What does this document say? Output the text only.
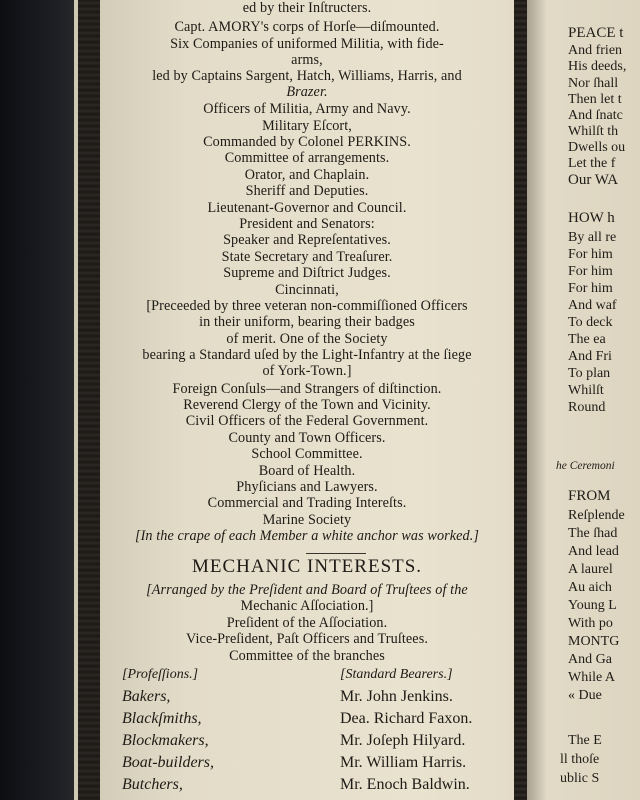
ed by their Inſtructers.
Capt. AMORY's corps of Horſe—diſmounted.
Six Companies of uniformed Militia, with fide-
arms,
led by Captains Sargent, Hatch, Williams, Harris, and
Brazer.
Officers of Militia, Army and Navy.
Military Eſcort,
Commanded by Colonel PERKINS.
Committee of arrangements.
Orator, and Chaplain.
Sheriff and Deputies.
Lieutenant-Governor and Council.
President and Senators:
Speaker and Repreſentatives.
State Secretary and Treaſurer.
Supreme and Diſtrict Judges.
Cincinnati,
[Preceeded by three veteran non-commiſſioned Officers
in their uniform, bearing their badges
of merit. One of the Society
bearing a Standard uſed by the Light-Infantry at the ſiege
of York-Town.]
Foreign Conſuls—and Strangers of diſtinction.
Reverend Clergy of the Town and Vicinity.
Civil Officers of the Federal Government.
County and Town Officers.
School Committee.
Board of Health.
Phyſicians and Lawyers.
Commercial and Trading Intereſts.
Marine Society
[In the crape of each Member a white anchor was worked.]
MECHANIC INTERESTS.
[Arranged by the Preſident and Board of Truſtees of the
Mechanic Aſſociation.]
Preſident of the Aſſociation.
Vice-Preſident, Paſt Officers and Truſtees.
Committee of the branches
[Profeſſions.]	[Standard Bearers.]
Bakers,	Mr. John Jenkins.
Blackſmiths,	Dea. Richard Faxon.
Blockmakers,	Mr. Joſeph Hilyard.
Boat-builders,	Mr. William Harris.
Butchers,	Mr. Enoch Baldwin.
PEACE t
And frien
His deeds,
Nor ſhall
Then let t
And ſnatc
Whilſt th
Dwells ou
Let the f
Our WA
HOW h
By all re
For him
For him
For him
And waf
To deck
The ea
And Fri
To plan
Whilſt
Round
he Ceremoni
FROM
Reſplende
The ſhad
And lead
A laurel
Au aich
Young L
With po
MONTG
And Ga
While A
« Due
The E
ll thoſe
ublic S
